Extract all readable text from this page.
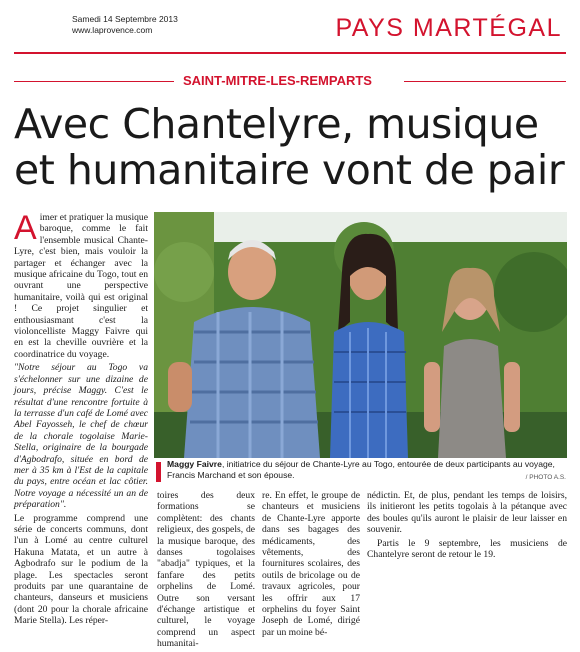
Samedi 14 Septembre 2013
www.laprovence.com	PAYS MARTÉGAL
SAINT-MITRE-LES-REMPARTS
Avec Chantelyre, musique
et humanitaire vont de pair

Aimer et pratiquer la musique baroque, comme le fait l'ensemble musical Chante-Lyre, c'est bien, mais vouloir la partager et échanger avec la musique africaine du Togo, tout en ouvrant une perspective humanitaire, voilà qui est original ! Ce projet singulier et enthousiasmant c'est la violoncelliste Maggy Faivre qui en est la cheville ouvrière et la coordinatrice du voyage.

"Notre séjour au Togo va s'échelonner sur une dizaine de jours, précise Maggy. C'est le résultat d'une rencontre fortuite à la terrasse d'un café de Lomé avec Abel Fayosseh, le chef de chœur de la chorale togolaise Marie-Stella, originaire de la bourgade d'Agbodrafo, située en bord de mer à 35 km à l'Est de la capitale du pays, entre océan et lac côtier. Notre voyage a nécessité un an de préparation".

Le programme comprend une série de concerts communs, dont l'un à Lomé au centre culturel Hakuna Matata, et un autre à Agbodrafo sur le podium de la plage. Les spectacles seront produits par une quarantaine de chanteurs, danseurs et musiciens (dont 20 pour la chorale africaine Marie Stella). Les réper-

Maggy Faivre, initiatrice du séjour de Chante-Lyre au Togo, entourée de deux participants au voyage, Francis Marchand et son épouse.	/ PHOTO A.S.

toires des deux formations se complètent: des chants religieux, des gospels, de la musique baroque, des danses togolaises "abadja" typiques, et la fanfare des petits orphelins de Lomé. Outre son versant d'échange artistique et culturel, le voyage comprend un aspect humanitai-

re. En effet, le groupe de chanteurs et musiciens de Chante-Lyre apporte dans ses bagages des médicaments, des vêtements, des fournitures scolaires, des outils de bricolage ou de travaux agricoles, pour les offrir aux 17 orphelins du foyer Saint Joseph de Lomé, dirigé par un moine bé-

nédictin. Et, de plus, pendant les temps de loisirs, ils initieront les petits togolais à la pétanque avec des boules qu'ils auront le plaisir de leur laisser en souvenir.

Partis le 9 septembre, les musiciens de Chantelyre seront de retour le 19.
